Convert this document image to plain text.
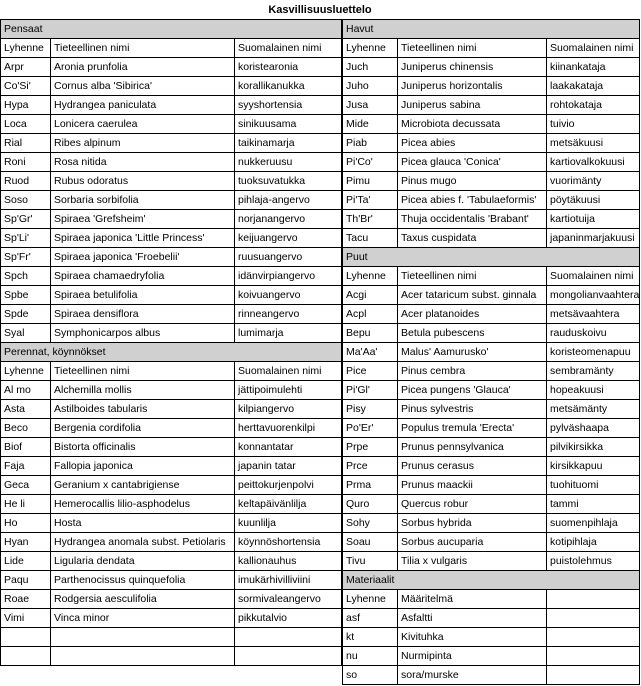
Kasvillisuusluettelo
Pensaat
Lyhenne Tieteellinen nimi	Suomalainen nimi
Arpr	Aronia prunfolia	koristearonia
Co'Si'	Cornus alba 'Sibirica'	korallikanukka
Hypa	Hydrangea paniculata	syyshortensia
Loca	Lonicera caerulea	sinikuusama
Rial	Ribes alpinum	taikinamarja
Roni	Rosa nitida	nukkeruusu
Ruod	Rubus odoratus	tuoksuvatukka
Soso	Sorbaria sorbifolia	pihlaja-angervo
Sp'Gr'	Spiraea 'Grefsheim'	norjanangervo
Sp'Li'	Spiraea japonica 'Little Princess'	keijuangervo
Sp'Fr'	Spiraea japonica 'Froebelii'	ruusuangervo
Spch	Spiraea chamaedryfolia	idänvirpiangervo
Spbe	Spiraea betulifolia	koivuangervo
Spde	Spiraea densiflora	rinneangervo
Syal	Symphonicarpos albus	lumimarja
Perennat, köynnökset
Lyhenne Tieteellinen nimi	Suomalainen nimi
Al mo	Alchemilla mollis	jättipoimulehti
Asta	Astilboides tabularis	kilpiangervo
Beco	Bergenia cordifolia	herttavuorenkilpi
Biof	Bistorta officinalis	konnantatar
Faja	Fallopia japonica	japanin tatar
Geca	Geranium x cantabrigiense	peittokurjenpolvi
He li	Hemerocallis lilio-asphodelus	keltapäivänlilja
Ho	Hosta	kuunlilja
Hyan	Hydrangea anomala subst. Petiolaris	köynnöshortensia
Lide	Ligularia dendata	kallionauhus
Paqu	Parthenocissus quinquefolia	imukärhivilliviini
Roae	Rodgersia aesculifolia	sormivaleangervo
Vimi	Vinca minor	pikkutalvio
Havut
Lyhenne	Tieteellinen nimi	Suomalainen nimi
Juch	Juniperus chinensis	kiinankataja
Juho	Juniperus horizontalis	laakakataja
Jusa	Juniperus sabina	rohtokataja
Mide	Microbiota decussata	tuivio
Piab	Picea abies	metsäkuusi
Pi'Co'	Picea glauca 'Conica'	kartiovalkokuusi
Pimu	Pinus mugo	vuorimänty
Pi'Ta'	Picea abies f. 'Tabulaeformis'	pöytäkuusi
Th'Br'	Thuja occidentalis 'Brabant'	kartiotuija
Tacu	Taxus cuspidata	japaninmarjakuusi
Puut
Lyhenne	Tieteellinen nimi	Suomalainen nimi
Acgi	Acer tataricum subst. ginnala	mongolianvaahtera
Acpl	Acer platanoides	metsävaahtera
Bepu	Betula pubescens	rauduskoivu
Ma'Aa'	Malus' Aamurusko'	koristeomenapuu
Pice	Pinus cembra	sembramänty
Pi'Gl'	Picea pungens 'Glauca'	hopeakuusi
Pisy	Pinus sylvestris	metsämänty
Po'Er'	Populus tremula 'Erecta'	pylväshaapa
Prpe	Prunus pennsylvanica	pilvikirsikka
Prce	Prunus cerasus	kirsikkapuu
Prma	Prunus maackii	tuohituomi
Quro	Quercus robur	tammi
Sohy	Sorbus hybrida	suomenpihlaja
Soau	Sorbus aucuparia	kotipihlaja
Tivu	Tilia x vulgaris	puistolehmus
Materiaalit
Lyhenne	Määritelmä
asf	Asfaltti
kt	Kivituhka
nu	Nurmipinta
so	sora/murske
